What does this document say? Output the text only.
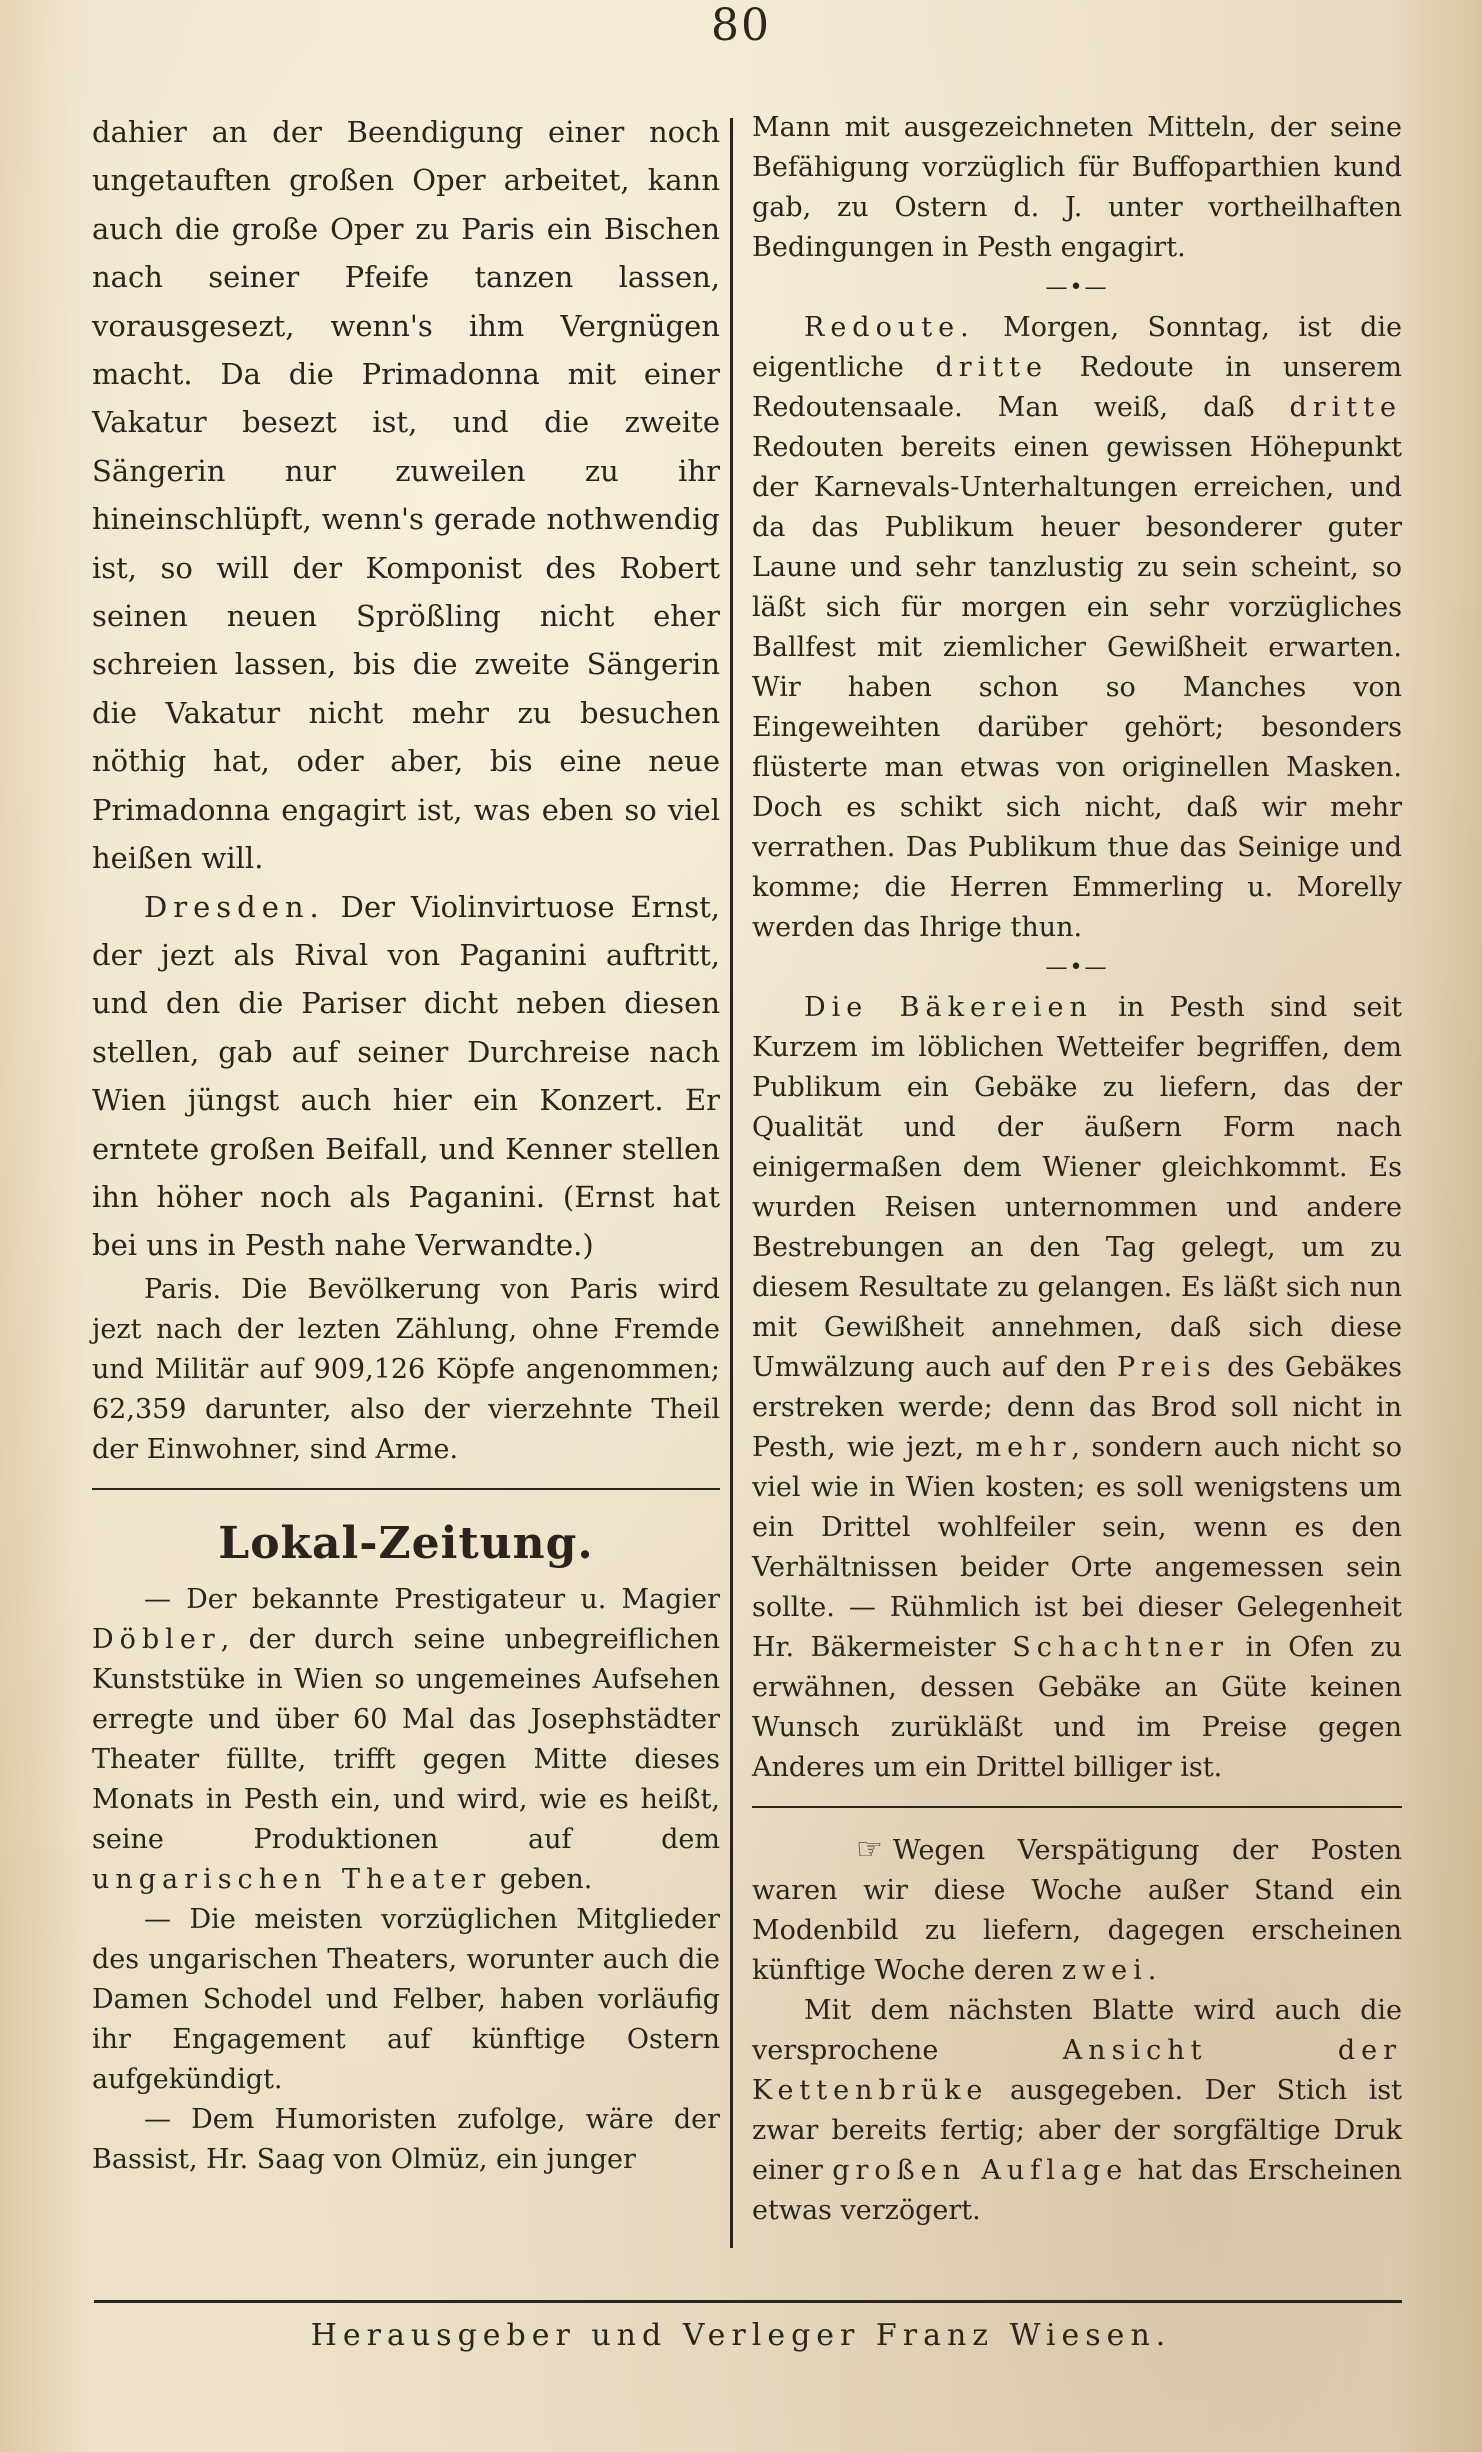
80

dahier an der Beendigung einer noch ungetauften großen Oper arbeitet, kann auch die große Oper zu Paris ein Bischen nach seiner Pfeife tanzen lassen, vorausgesezt, wenn's ihm Vergnügen macht. Da die Primadonna mit einer Vakatur besezt ist, und die zweite Sängerin nur zuweilen zu ihr hineinschlüpft, wenn's gerade nothwendig ist, so will der Komponist des Robert seinen neuen Sprößling nicht eher schreien lassen, bis die zweite Sängerin die Vakatur nicht mehr zu besuchen nöthig hat, oder aber, bis eine neue Primadonna engagirt ist, was eben so viel heißen will.

Dresden. Der Violinvirtuose Ernst, der jezt als Rival von Paganini auftritt, und den die Pariser dicht neben diesen stellen, gab auf seiner Durchreise nach Wien jüngst auch hier ein Konzert. Er erntete großen Beifall, und Kenner stellen ihn höher noch als Paganini. (Ernst hat bei uns in Pesth nahe Verwandte.)

Paris. Die Bevölkerung von Paris wird jezt nach der lezten Zählung, ohne Fremde und Militär auf 909,126 Köpfe angenommen; 62,359 darunter, also der vierzehnte Theil der Einwohner, sind Arme.

Lokal-Zeitung.

— Der bekannte Prestigateur u. Magier Döbler, der durch seine unbegreiflichen Kunststüke in Wien so ungemeines Aufsehen erregte und über 60 Mal das Josephstädter Theater füllte, trifft gegen Mitte dieses Monats in Pesth ein, und wird, wie es heißt, seine Produktionen auf dem ungarischen Theater geben.

— Die meisten vorzüglichen Mitglieder des ungarischen Theaters, worunter auch die Damen Schodel und Felber, haben vorläufig ihr Engagement auf künftige Ostern aufgekündigt.

— Dem Humoristen zufolge, wäre der Bassist, Hr. Saag von Olmüz, ein junger

Mann mit ausgezeichneten Mitteln, der seine Befähigung vorzüglich für Buffoparthien kund gab, zu Ostern d. J. unter vortheilhaften Bedingungen in Pesth engagirt.

—•—

Redoute. Morgen, Sonntag, ist die eigentliche dritte Redoute in unserem Redoutensaale. Man weiß, daß dritte Redouten bereits einen gewissen Höhepunkt der Karnevals-Unterhaltungen erreichen, und da das Publikum heuer besonderer guter Laune und sehr tanzlustig zu sein scheint, so läßt sich für morgen ein sehr vorzügliches Ballfest mit ziemlicher Gewißheit erwarten. Wir haben schon so Manches von Eingeweihten darüber gehört; besonders flüsterte man etwas von originellen Masken. Doch es schikt sich nicht, daß wir mehr verrathen. Das Publikum thue das Seinige und komme; die Herren Emmerling u. Morelly werden das Ihrige thun.

—•—

Die Bäkereien in Pesth sind seit Kurzem im löblichen Wetteifer begriffen, dem Publikum ein Gebäke zu liefern, das der Qualität und der äußern Form nach einigermaßen dem Wiener gleichkommt. Es wurden Reisen unternommen und andere Bestrebungen an den Tag gelegt, um zu diesem Resultate zu gelangen. Es läßt sich nun mit Gewißheit annehmen, daß sich diese Umwälzung auch auf den Preis des Gebäkes erstreken werde; denn das Brod soll nicht in Pesth, wie jezt, mehr, sondern auch nicht so viel wie in Wien kosten; es soll wenigstens um ein Drittel wohlfeiler sein, wenn es den Verhältnissen beider Orte angemessen sein sollte. — Rühmlich ist bei dieser Gelegenheit Hr. Bäkermeister Schachtner in Ofen zu erwähnen, dessen Gebäke an Güte keinen Wunsch zurükläßt und im Preise gegen Anderes um ein Drittel billiger ist.

☞ Wegen Verspätigung der Posten waren wir diese Woche außer Stand ein Modenbild zu liefern, dagegen erscheinen künftige Woche deren zwei.

Mit dem nächsten Blatte wird auch die versprochene Ansicht der Kettenbrüke ausgegeben. Der Stich ist zwar bereits fertig; aber der sorgfältige Druk einer großen Auflage hat das Erscheinen etwas verzögert.

Herausgeber und Verleger Franz Wiesen.
